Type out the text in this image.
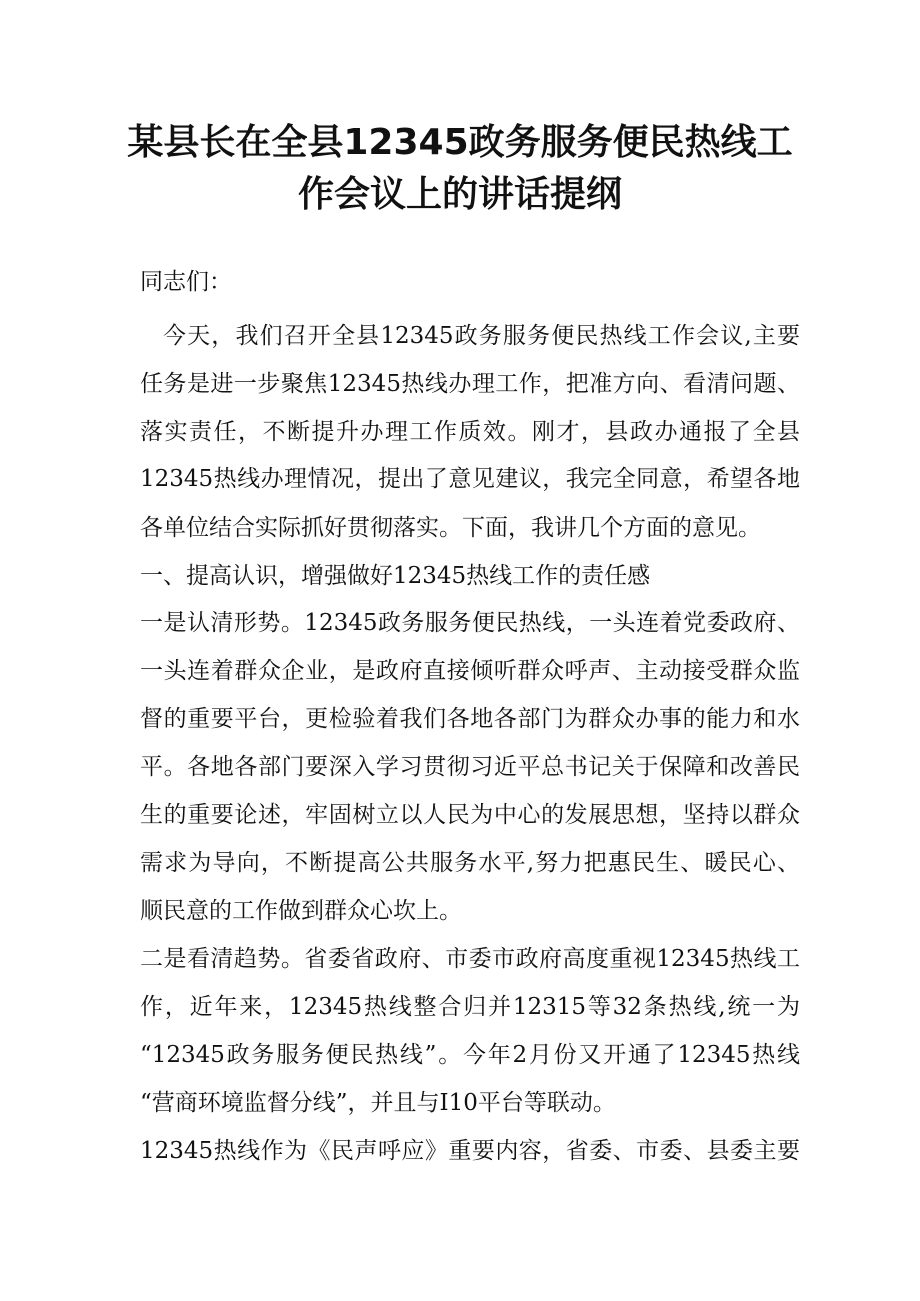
某县长在全县12345政务服务便民热线工
作会议上的讲话提纲

同志们：

今天，我们召开全县12345政务服务便民热线工作会议,主要

任务是进一步聚焦12345热线办理工作，把准方向、看清问题、

落实责任，不断提升办理工作质效。刚才，县政办通报了全县

12345热线办理情况，提出了意见建议，我完全同意，希望各地

各单位结合实际抓好贯彻落实。下面，我讲几个方面的意见。

一、提高认识，增强做好12345热线工作的责任感

一是认清形势。12345政务服务便民热线，一头连着党委政府、

一头连着群众企业，是政府直接倾听群众呼声、主动接受群众监

督的重要平台，更检验着我们各地各部门为群众办事的能力和水

平。各地各部门要深入学习贯彻习近平总书记关于保障和改善民

生的重要论述，牢固树立以人民为中心的发展思想，坚持以群众

需求为导向，不断提高公共服务水平,努力把惠民生、暖民心、

顺民意的工作做到群众心坎上。

二是看清趋势。省委省政府、市委市政府高度重视12345热线工

作，近年来，12345热线整合归并12315等32条热线,统一为

“12345政务服务便民热线”。今年2月份又开通了12345热线

“营商环境监督分线”，并且与I10平台等联动。

12345热线作为《民声呼应》重要内容，省委、市委、县委主要
